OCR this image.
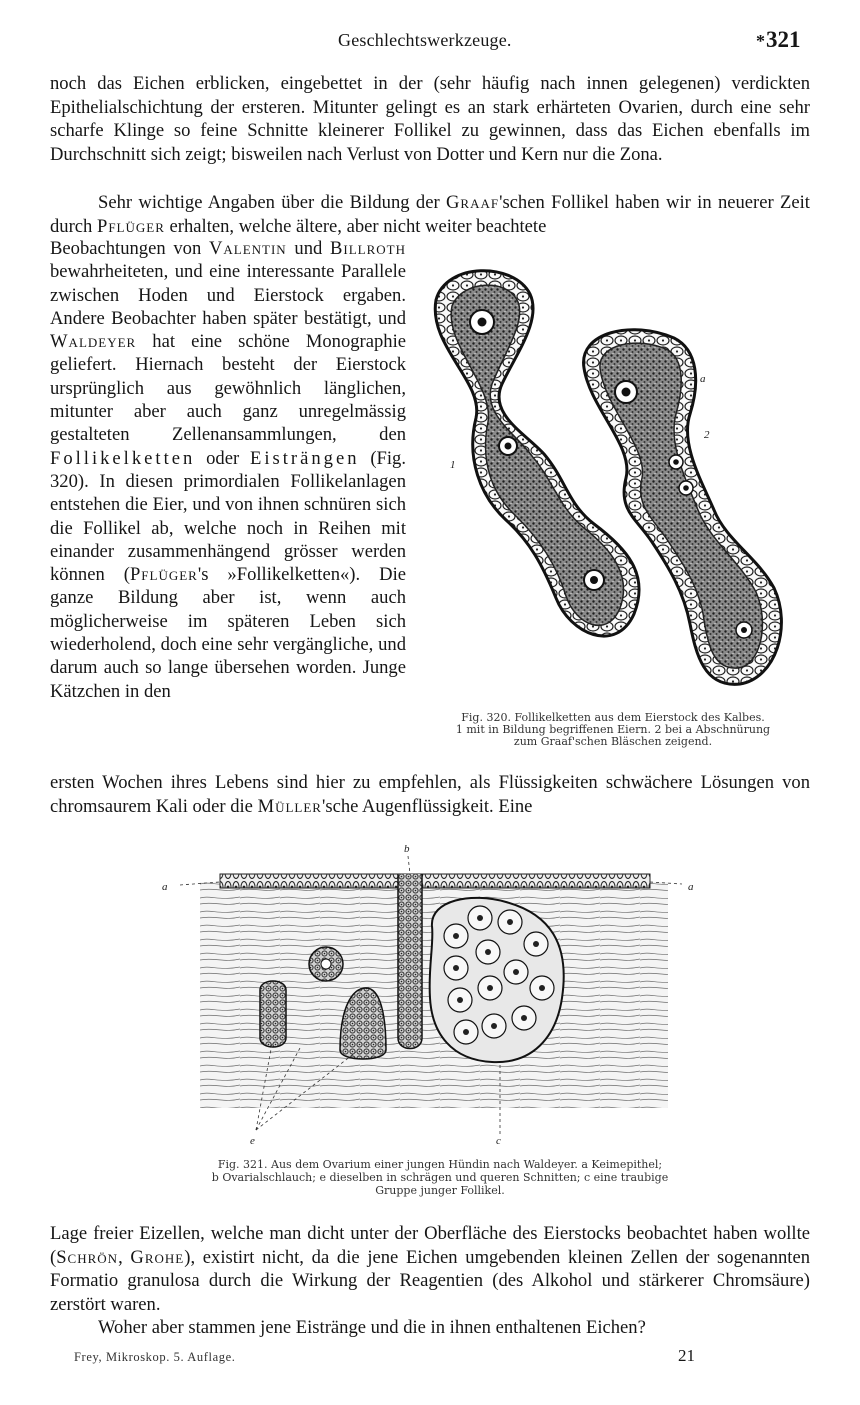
Geschlechtswerkzeuge.	* 321

noch das Eichen erblicken, eingebettet in der (sehr häufig nach innen gelegenen) verdickten Epithelialschichtung der ersteren. Mitunter gelingt es an stark erhärteten Ovarien, durch eine sehr scharfe Klinge so feine Schnitte kleinerer Follikel zu gewinnen, dass das Eichen ebenfalls im Durchschnitt sich zeigt; bisweilen nach Verlust von Dotter und Kern nur die Zona.

Sehr wichtige Angaben über die Bildung der Graaf'schen Follikel haben wir in neuerer Zeit durch Pflüger erhalten, welche ältere, aber nicht weiter beachtete

Beobachtungen von Valentin und Billroth bewahrheiteten, und eine interessante Parallele zwischen Hoden und Eierstock ergaben. Andere Beobachter haben später bestätigt, und Waldeyer hat eine schöne Monographie geliefert. Hiernach besteht der Eierstock ursprünglich aus gewöhnlich länglichen, mitunter aber auch ganz unregelmässig gestalteten Zellenansammlungen, den Follikelketten oder Eisträngen (Fig. 320). In diesen primordialen Follikelanlagen entstehen die Eier, und von ihnen schnüren sich die Follikel ab, welche noch in Reihen mit einander zusammenhängend grösser werden können (Pflüger's »Follikelketten«). Die ganze Bildung aber ist, wenn auch möglicherweise im späteren Leben sich wiederholend, doch eine sehr vergängliche, und darum auch so lange übersehen worden. Junge Kätzchen in den

1
2
a
Fig. 320. Follikelketten aus dem Eierstock des Kalbes.
1 mit in Bildung begriffenen Eiern. 2 bei a Abschnürung
zum Graaf'schen Bläschen zeigend.

ersten Wochen ihres Lebens sind hier zu empfehlen, als Flüssigkeiten schwächere Lösungen von chromsaurem Kali oder die Müller'sche Augenflüssigkeit. Eine

a	a
b
e	c
Fig. 321. Aus dem Ovarium einer jungen Hündin nach Waldeyer. a Keimepithel;
b Ovarialschlauch; e dieselben in schrägen und queren Schnitten; c eine traubige
Gruppe junger Follikel.

Lage freier Eizellen, welche man dicht unter der Oberfläche des Eierstocks beobachtet haben wollte (Schrön, Grohe), existirt nicht, da die jene Eichen umgebenden kleinen Zellen der sogenannten Formatio granulosa durch die Wirkung der Reagentien (des Alkohol und stärkerer Chromsäure) zerstört waren.

Woher aber stammen jene Eistränge und die in ihnen enthaltenen Eichen?

Frey, Mikroskop. 5. Auflage.	21
